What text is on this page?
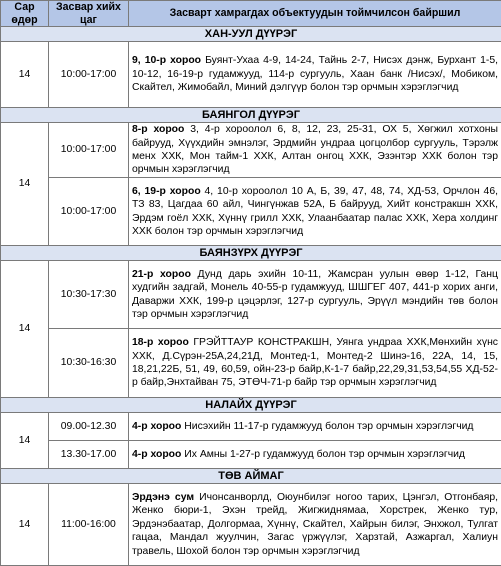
Сар өдөр	Засвар хийх цаг	Засварт хамрагдах объектуудын тоймчилсон байршил
ХАН-УУЛ ДҮҮРЭГ		
14	10:00-17:00	9, 10-р хороо Буянт-Ухаа 4-9, 14-24, Тайнь 2-7, Нисэх дэнж, Бурхант 1-5, 10-12, 16-19-р гудамжууд, 114-р сургууль, Хаан банк /Нисэх/, Мобиком, Скайтел, Жимобайл, Миний дэлгүүр болон тэр орчмын хэрэглэгчид
БАЯНГОЛ ДҮҮРЭГ		
14	10:00-17:00	8-р хороо 3, 4-р хороолол 6, 8, 12, 23, 25-31, ОХ 5, Хөгжил хотхоны байрууд, Хүүхдийн эмнэлэг, Эрдмийн ундраа цогцолбор сургууль, Тэрэлж менх ХХК, Мон тайм-1 ХХК, Алтан онгоц ХХК, Эзэнтэр ХХК болон тэр орчмын хэрэглэгчид
	10:00-17:00	6, 19-р хороо 4, 10-р хороолол 10 А, Б, 39, 47, 48, 74, ХД-53, Орчлон 46, ТЗ 83, Цагдаа 60 айл, Чингүнжав 52А, Б байрууд, Хийт констракшн ХХК, Эрдэм гоёл ХХК, Хүннү грилл ХХК, Улаанбаатар палас ХХК, Хера холдинг ХХК болон тэр орчмын хэрэглэгчид
БАЯНЗҮРХ ДҮҮРЭГ		
14	10:30-17:30	21-р хороо Дунд дарь эхийн 10-11, Жамсран уулын өвөр 1-12, Ганц худгийн задгай, Монель 40-55-р гудамжууд, ШШГЕГ 407, 441-р хорих анги, Даваржи ХХК, 199-р цэцэрлэг, 127-р сургууль, Эрүүл мэндийн төв болон тэр орчмын хэрэглэгчид
	10:30-16:30	18-р хороо ГРЭЙТТАУР КОНСТРАКШН, Уянга ундраа ХХК,Мөнхийн хүнс ХХК, Д.Сүрэн-25А,24,21Д, Монтед-1, Монтед-2 Шинэ-16, 22А, 14, 15, 18,21,22Б, 51, 49, 60,59, ойн-23-р байр,К-1-7 байр,22,29,31,53,54,55 ХД-52-р байр,Энхтайван 75, ЭТӨЧ-71-р байр тэр орчмын хэрэглэгчид
НАЛАЙХ ДҮҮРЭГ		
14	09.00-12.30	4-р хороо Нисэхийн 11-17-р гудамжууд болон тэр орчмын хэрэглэгчид
	13.30-17.00	4-р хороо Их Амны 1-27-р гудамжууд болон тэр орчмын хэрэглэгчид
ТӨВ АЙМАГ		
14	11:00-16:00	Эрдэнэ сум Ичонсанворлд, Оюунбилэг ногоо тарих, Цэнгэл, Отгонбаяр, Женко бюри-1, Эхэн трейд, Жигжиднямаа, Хорстрек, Женко тур, Эрдэнэбаатар, Долгормаа, Хүннү, Скайтел, Хайрын билэг, Энхжол, Тулгат гацаа, Мандал жуулчин, Загас үржүүлэг, Харзтай, Азжаргал, Халиун травель, Шохой болон тэр орчмын хэрэглэгчид
